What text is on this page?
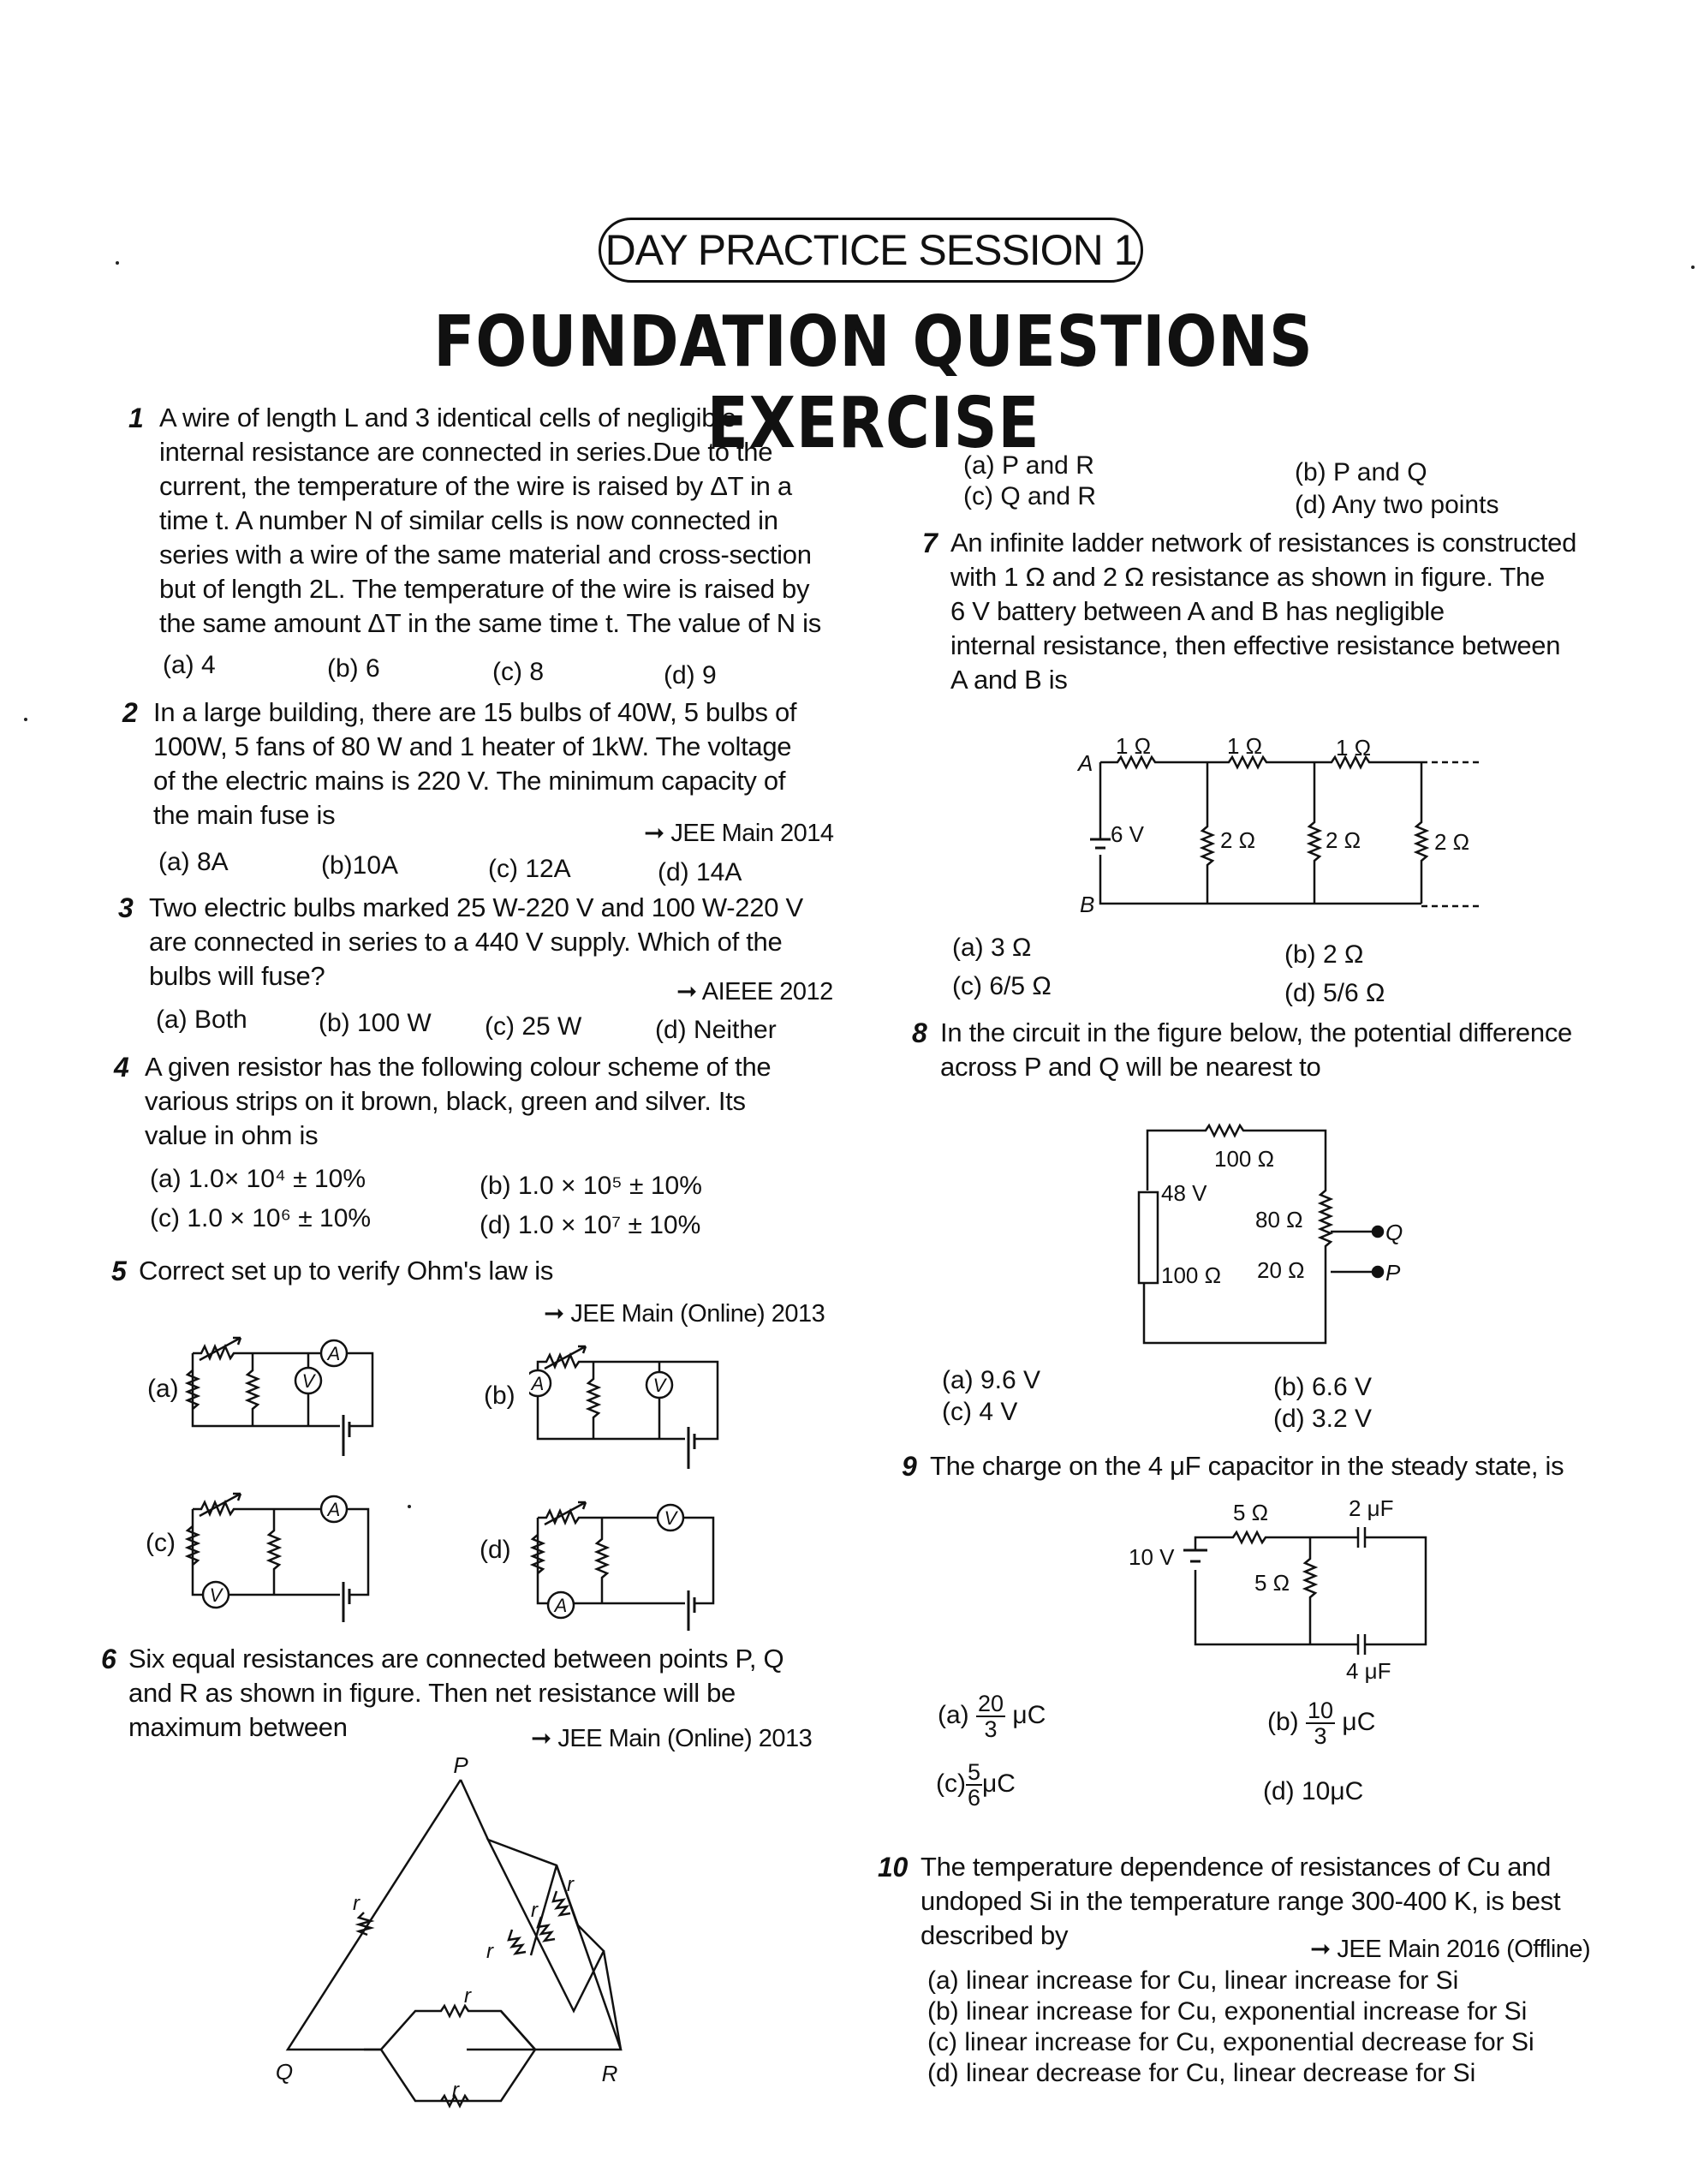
DAY PRACTICE SESSION 1
FOUNDATION QUESTIONS EXERCISE
1 A wire of length L and 3 identical cells of negligible
internal resistance are connected in series.Due to the
current, the temperature of the wire is raised by ΔT in a
time t. A number N of similar cells is now connected in
series with a wire of the same material and cross-section
but of length 2L. The temperature of the wire is raised by
the same amount ΔT in the same time t. The value of N is
(a) 4	(b) 6	(c) 8	(d) 9
2 In a large building, there are 15 bulbs of 40W, 5 bulbs of
100W, 5 fans of 80 W and 1 heater of 1kW. The voltage
of the electric mains is 220 V. The minimum capacity of
the main fuse is
➞ JEE Main 2014
(a) 8A	(b)10A	(c) 12A	(d) 14A
3 Two electric bulbs marked 25 W-220 V and 100 W-220 V
are connected in series to a 440 V supply. Which of the
bulbs will fuse?
➞ AIEEE 2012
(a) Both	(b) 100 W (c) 25 W	(d) Neither
4 A given resistor has the following colour scheme of the
various strips on it brown, black, green and silver. Its
value in ohm is
(a) 1.0× 10⁴ ± 10%	(b) 1.0 × 10⁵ ± 10%
(c) 1.0 × 10⁶ ± 10%	(d) 1.0 × 10⁷ ± 10%
5 Correct set up to verify Ohm's law is
➞ JEE Main (Online) 2013
(a)	(b)
(c)	(d)
A
V	A	V
A
V
V
A
6 Six equal resistances are connected between points P, Q
and R as shown in figure. Then net resistance will be
maximum between	➞ JEE Main (Online) 2013
P
Q	R
r
r
r
r
r
r
(a) P and R	(b) P and Q
(c) Q and R	(d) Any two points
7 An infinite ladder network of resistances is constructed
with 1 Ω and 2 Ω resistance as shown in figure. The
6 V battery between A and B has negligible
internal resistance, then effective resistance between
A and B is
A
B
1 Ω	1 Ω	1 Ω
6 V	2 Ω	2 Ω	2 Ω
(a) 3 Ω	(b) 2 Ω
(c) 6/5 Ω	(d) 5/6 Ω
8 In the circuit in the figure below, the potential difference
across P and Q will be nearest to
100 Ω
48 V
100 Ω
80 Ω
20 Ω
Q
P
(a) 9.6 V	(b) 6.6 V
(c) 4 V	(d) 3.2 V
9 The charge on the 4 μF capacitor in the steady state, is
5 Ω	2 μF
10 V
5 Ω
4 μF
$(a) \frac{20}{3}$ μC	$(b) \frac{10}{3}$ μC
$(c) \frac{5}{6}$ μC	(d) 10μC
10 The temperature dependence of resistances of Cu and
undoped Si in the temperature range 300-400 K, is best
described by	➞ JEE Main 2016 (Offline)
(a) linear increase for Cu, linear increase for Si
(b) linear increase for Cu, exponential increase for Si
(c) linear increase for Cu, exponential decrease for Si
(d) linear decrease for Cu, linear decrease for Si
